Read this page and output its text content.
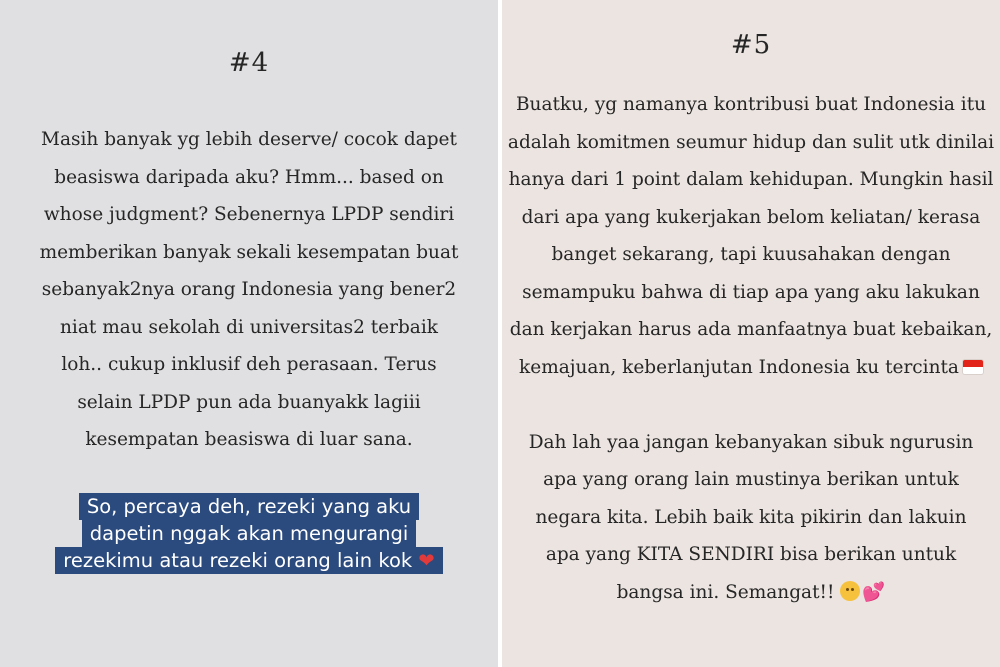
#4

Masih banyak yg lebih deserve/ cocok dapet
beasiswa daripada aku? Hmm... based on
whose judgment? Sebenernya LPDP sendiri
memberikan banyak sekali kesempatan buat
sebanyak2nya orang Indonesia yang bener2
niat mau sekolah di universitas2 terbaik
loh.. cukup inklusif deh perasaan. Terus
selain LPDP pun ada buanyakk lagiii
kesempatan beasiswa di luar sana.

So, percaya deh, rezeki yang aku
dapetin nggak akan mengurangi
rezekimu atau rezeki orang lain kok ❤
#5

Buatku, yg namanya kontribusi buat Indonesia itu
adalah komitmen seumur hidup dan sulit utk dinilai
hanya dari 1 point dalam kehidupan. Mungkin hasil
dari apa yang kukerjakan belom keliatan/ kerasa
banget sekarang, tapi kuusahakan dengan
semampuku bahwa di tiap apa yang aku lakukan
dan kerjakan harus ada manfaatnya buat kebaikan,
kemajuan, keberlanjutan Indonesia ku tercinta

Dah lah yaa jangan kebanyakan sibuk ngurusin
apa yang orang lain mustinya berikan untuk
negara kita. Lebih baik kita pikirin dan lakuin
apa yang KITA SENDIRI bisa berikan untuk
bangsa ini. Semangat!! 💕
